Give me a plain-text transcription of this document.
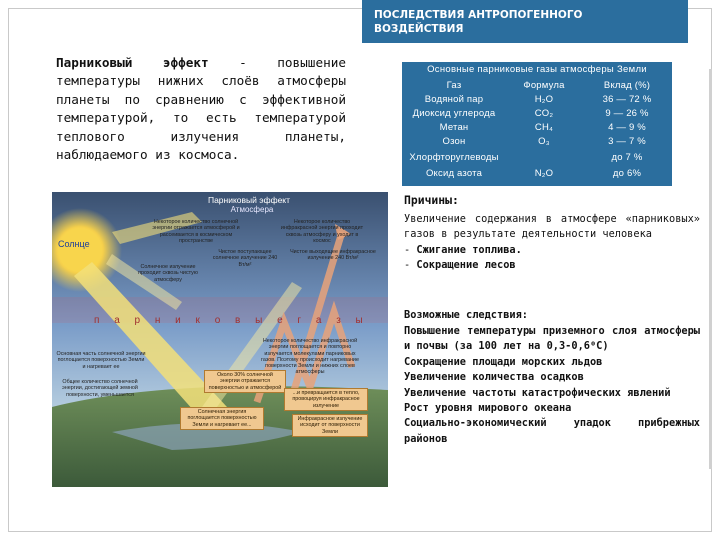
ПОСЛЕДСТВИЯ АНТРОПОГЕННОГО
ВОЗДЕЙСТВИЯ
Парниковый эффект - повышение температуры нижних слоёв атмосферы планеты по сравнению с эффективной температурой, то есть температурой теплового излучения планеты, наблюдаемого из космоса.
Основные парниковые газы атмосферы Земли
Газ	Формула	Вклад (%)
Водяной пар	H₂O	36 — 72 %
Диоксид углерода	CO₂	9 — 26 %
Метан	CH₄	4 — 9 %
Озон	O₃	3 — 7 %
Хлорфторуглеводы		до 7 %
Оксид азота	N₂O	до 6%
Парниковый эффект
Атмосфера
Солнце
Некоторое количество солнечной энергии отражается атмосферой и рассеивается в космическом пространстве
Некоторое количество инфракрасной энергии проходит сквозь атмосферу и уходит в космос
Чистое поступающее солнечное излучение 240 Вт/м²
Солнечное излучение проходит сквозь чистую атмосферу
Чистое выходящее инфракрасное излучение 240 Вт/м²
Некоторое количество инфракрасной энергии поглощается и повторно излучается молекулами парниковых газов. Поэтому происходит нагревание поверхности Земли и нижних слоев атмосферы
Основная часть солнечной энергии поглощается поверхностью Земли и нагревает ее
Общее количество солнечной энергии, достигающей земной поверхности, уменьшается
Около 30% солнечной энергии отражается поверхностью и атмосферой
...и превращается в тепло, провоцируя инфракрасное излучение
Солнечная энергия поглощается поверхностью Земли и нагревает ее...
Инфракрасное излучение исходит от поверхности Земли
п а р н и к о в ы е г а з ы
Причины:
Увеличение содержания в атмосфере «парниковых» газов в результате деятельности человека
- Сжигание топлива.
- Сокращение лесов
Возможные следствия:
Повышение температуры приземного слоя атмосферы и почвы (за 100 лет на 0,3-0,6⁰С)
Сокращение площади морских льдов
Увеличение количества осадков
Увеличение частоты катастрофических явлений
Рост уровня мирового океана
Социально-экономический упадок прибрежных районов
